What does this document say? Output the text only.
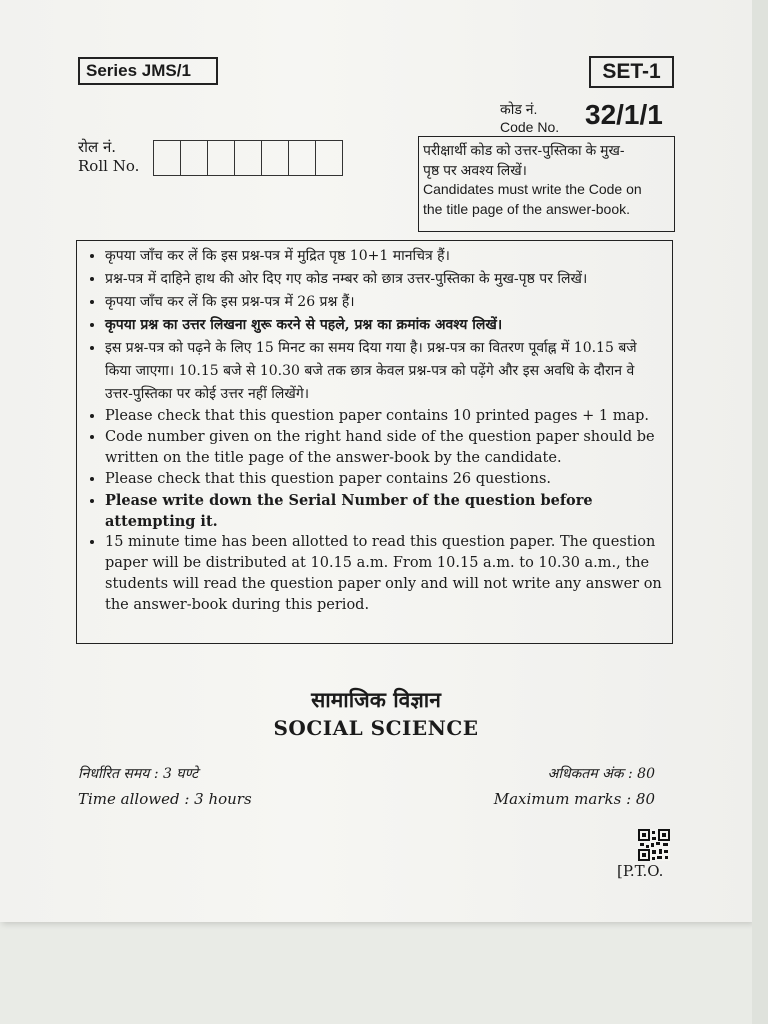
Series JMS/1	SET-1
कोड नं.
Code No. 32/1/1
रोल नं.
Roll No.
परीक्षार्थी कोड को उत्तर-पुस्तिका के मुख-
पृष्ठ पर अवश्य लिखें।
Candidates must write the Code on
the title page of the answer-book.
• कृपया जाँच कर लें कि इस प्रश्न-पत्र में मुद्रित पृष्ठ 10+1 मानचित्र हैं।
• प्रश्न-पत्र में दाहिने हाथ की ओर दिए गए कोड नम्बर को छात्र उत्तर-पुस्तिका के मुख-पृष्ठ पर लिखें।
• कृपया जाँच कर लें कि इस प्रश्न-पत्र में 26 प्रश्न हैं।
• कृपया प्रश्न का उत्तर लिखना शुरू करने से पहले, प्रश्न का क्रमांक अवश्य लिखें।
• इस प्रश्न-पत्र को पढ़ने के लिए 15 मिनट का समय दिया गया है। प्रश्न-पत्र का वितरण पूर्वाह्न में 10.15 बजे किया जाएगा। 10.15 बजे से 10.30 बजे तक छात्र केवल प्रश्न-पत्र को पढ़ेंगे और इस अवधि के दौरान वे उत्तर-पुस्तिका पर कोई उत्तर नहीं लिखेंगे।
• Please check that this question paper contains 10 printed pages + 1 map.
• Code number given on the right hand side of the question paper should be written on the title page of the answer-book by the candidate.
• Please check that this question paper contains 26 questions.
• Please write down the Serial Number of the question before attempting it.
• 15 minute time has been allotted to read this question paper. The question paper will be distributed at 10.15 a.m. From 10.15 a.m. to 10.30 a.m., the students will read the question paper only and will not write any answer on the answer-book during this period.
सामाजिक विज्ञान
SOCIAL SCIENCE
निर्धारित समय : 3 घण्टे
Time allowed : 3 hours
अधिकतम अंक : 80
Maximum marks : 80
[P.T.O.
